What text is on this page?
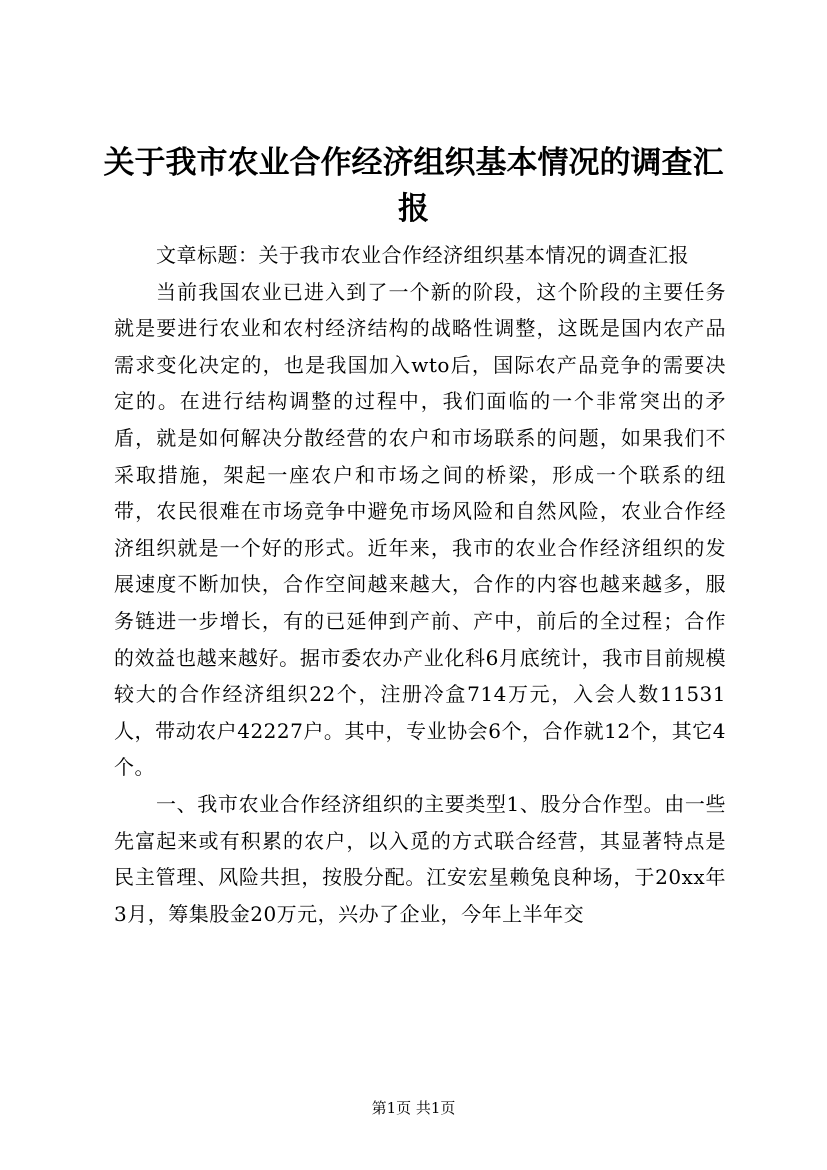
关于我市农业合作经济组织基本情况的调查汇报

文章标题：关于我市农业合作经济组织基本情况的调查汇报

当前我国农业已进入到了一个新的阶段，这个阶段的主要任务就是要进行农业和农村经济结构的战略性调整，这既是国内农产品需求变化决定的，也是我国加入wto后，国际农产品竞争的需要决定的。在进行结构调整的过程中，我们面临的一个非常突出的矛盾，就是如何解决分散经营的农户和市场联系的问题，如果我们不采取措施，架起一座农户和市场之间的桥梁，形成一个联系的纽带，农民很难在市场竞争中避免市场风险和自然风险，农业合作经济组织就是一个好的形式。近年来，我市的农业合作经济组织的发展速度不断加快，合作空间越来越大，合作的内容也越来越多，服务链进一步增长，有的已延伸到产前、产中，前后的全过程；合作的效益也越来越好。据市委农办产业化科6月底统计，我市目前规模较大的合作经济组织22个，注册冷盒714万元，入会人数11531人，带动农户42227户。其中，专业协会6个，合作就12个，其它4个。

一、我市农业合作经济组织的主要类型1、股分合作型。由一些先富起来或有积累的农户，以入觅的方式联合经营，其显著特点是民主管理、风险共担，按股分配。江安宏星赖兔良种场，于20xx年3月，筹集股金20万元，兴办了企业，今年上半年交

第1页 共1页
